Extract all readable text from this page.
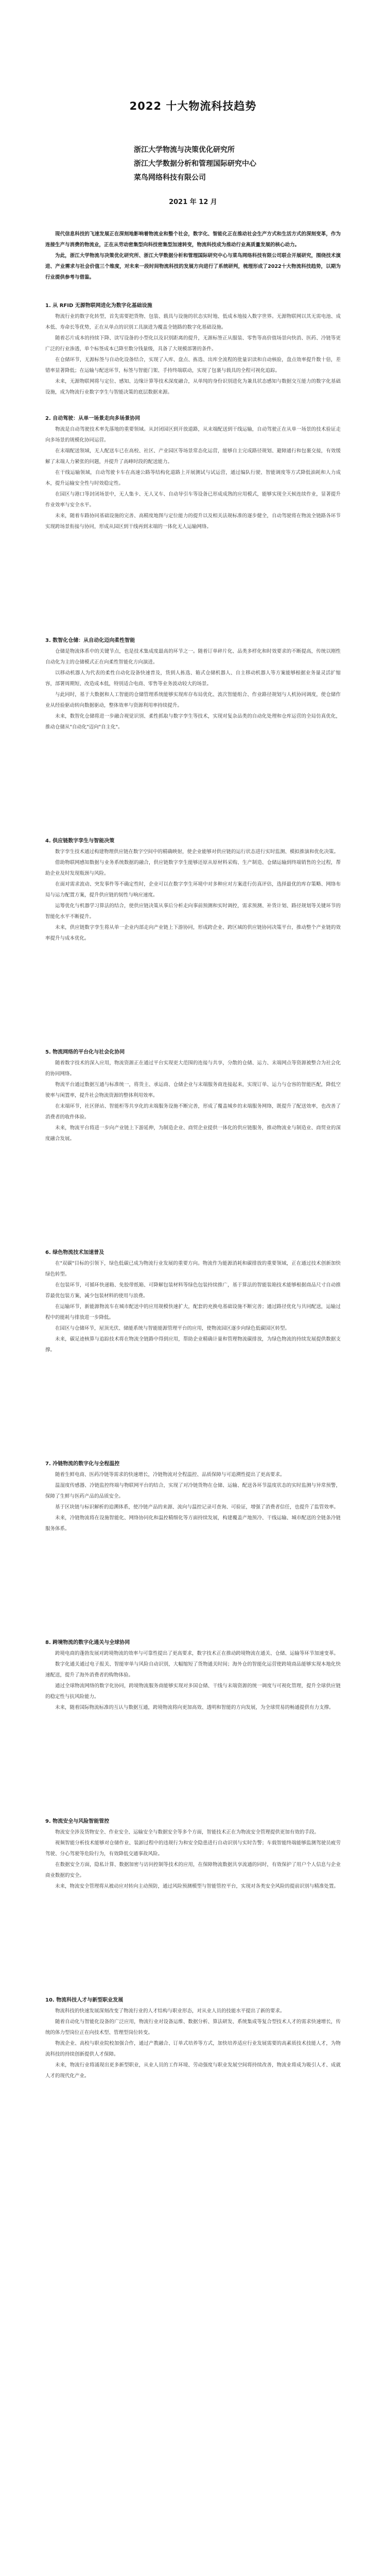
2022 十大物流科技趋势
浙江大学物流与决策优化研究所
浙江大学数据分析和管理国际研究中心
菜鸟网络科技有限公司
2021 年 12 月

现代信息科技的飞速发展正在深刻地影响着物流业和整个社会，数字化、智能化正在推动社会生产方式和生活方式的深刻变革，作为连接生产与消费的物流业，正在从劳动密集型向科技密集型加速转变，物流科技成为推动行业高质量发展的核心动力。

为此，浙江大学物流与决策优化研究所、浙江大学数据分析和管理国际研究中心与菜鸟网络科技有限公司联合开展研究，围绕技术演进、产业需求与社会价值三个维度，对未来一段时间物流科技的发展方向进行了系统研判，梳理形成了2022十大物流科技趋势，以期为行业提供参考与借鉴。

1. 从 RFID 无源物联网进化为数字化基础设施

物流行业的数字化转型，首先需要把货物、包装、载具与设施的状态实时地、低成本地接入数字世界。无源物联网以其无需电池、成本低、寿命长等优势，正在从单点的识别工具演进为覆盖全链路的数字化基础设施。

随着芯片成本的持续下降、读写设备的小型化以及识别距离的提升，无源标签正从服装、零售等高价值场景向快消、医药、冷链等更广泛的行业渗透，单个标签成本已降至数分钱量级，具备了大规模部署的条件。

在仓储环节，无源标签与自动化设备结合，实现了入库、盘点、拣选、出库全流程的批量识读和自动核验，盘点效率提升数十倍，差错率显著降低；在运输与配送环节，标签与智能门架、手持终端联动，实现了包裹与载具的全程可视化追踪。

未来，无源物联网将与定位、感知、边缘计算等技术深度融合，从单纯的身份识别进化为兼具状态感知与数据交互能力的数字化基础设施，成为物流行业数字孪生与智能决策的底层数据来源。

2. 自动驾驶：从单一场景走向多场景协同

物流是自动驾驶技术率先落地的重要领域。从封闭园区到开放道路，从末端配送到干线运输，自动驾驶正在从单一场景的技术验证走向多场景的规模化协同运营。

在末端配送领域，无人配送车已在高校、社区、产业园区等场景常态化运营，能够自主完成路径规划、避障通行和包裹交接，有效缓解了末端人力紧张的问题，并提升了高峰时段的配送能力。

在干线运输领域，自动驾驶卡车在高速公路等结构化道路上开展测试与试运营，通过编队行驶、智能调度等方式降低油耗和人力成本，提升运输安全性与时效稳定性。

在园区与港口等封闭场景中，无人集卡、无人叉车、自动导引车等设备已形成成熟的应用模式，能够实现全天候连续作业，显著提升作业效率与安全水平。

未来，随着车路协同基础设施的完善、高精度地图与定位能力的提升以及相关法规标准的逐步健全，自动驾驶将在物流全链路各环节实现跨场景衔接与协同，形成从园区到干线再到末端的一体化无人运输网络。

3. 数智化仓储：从自动化迈向柔性智能

仓储是物流体系中的关键节点，也是技术集成度最高的环节之一。随着订单碎片化、品类多样化和时效要求的不断提高，传统以刚性自动化为主的仓储模式正在向柔性智能化方向演进。

以移动机器人为代表的柔性自动化设备快速普及，货到人拣选、箱式仓储机器人、自主移动机器人等方案能够根据业务量灵活扩缩容，部署周期短、改造成本低，特别适合电商、零售等业务波动较大的场景。

与此同时，基于大数据和人工智能的仓储管理系统能够实现库存布局优化、波次智能组合、作业路径规划与人机协同调度，使仓储作业从经验驱动转向数据驱动，整体效率与资源利用率持续提升。

未来，数智化仓储将进一步融合视觉识别、柔性抓取与数字孪生等技术，实现对复杂品类的自动化处理和仓库运营的全局仿真优化，推动仓储从"自动化"迈向"自主化"。

4. 供应链数字孪生与智能决策

数字孪生技术通过构建物理供应链在数字空间中的精确映射，使企业能够对供应链的运行状态进行实时监测、模拟推演和优化决策。

借助物联网感知数据与业务系统数据的融合，供应链数字孪生能够还原从原材料采购、生产制造、仓储运输到终端销售的全过程，帮助企业及时发现瓶颈与风险。

在面对需求波动、突发事件等不确定性时，企业可以在数字孪生环境中对多种应对方案进行仿真评估，选择最优的库存策略、网络布局与运力配置方案，提升供应链的韧性与响应速度。

运筹优化与机器学习算法的结合，使供应链决策从事后分析走向事前预测和实时调控，需求预测、补货计划、路径规划等关键环节的智能化水平不断提升。

未来，供应链数字孪生将从单一企业内部走向产业链上下游协同，形成跨企业、跨区域的供应链协同决策平台，推动整个产业链的效率提升与成本优化。

5. 物流网络的平台化与社会化协同

随着数字技术的深入应用，物流资源正在通过平台实现更大范围的连接与共享，分散的仓储、运力、末端网点等资源被整合为社会化的协同网络。

物流平台通过数据互通与标准统一，将货主、承运商、仓储企业与末端服务商连接起来，实现订单、运力与仓容的智能匹配，降低空驶率与闲置率，提升社会物流资源的整体利用效率。

在末端环节，社区驿站、智能柜等共享化的末端服务设施不断完善，形成了覆盖城乡的末端服务网络，既提升了配送效率，也改善了消费者的收件体验。

未来，物流平台将进一步向产业链上下游延伸，为制造企业、商贸企业提供一体化的供应链服务，推动物流业与制造业、商贸业的深度融合发展。

6. 绿色物流技术加速普及

在"双碳"目标的引领下，绿色低碳已成为物流行业发展的重要方向。物流作为能源消耗和碳排放的重要领域，正在通过技术创新加快绿色转型。

在包装环节，可循环快递箱、免胶带纸箱、可降解包装材料等绿色包装持续推广，基于算法的智能装箱技术能够根据商品尺寸自动推荐最优包装方案，减少包装材料的使用与浪费。

在运输环节，新能源物流车在城市配送中的应用规模快速扩大，配套的充换电基础设施不断完善；通过路径优化与共同配送，运输过程中的能耗与排放进一步降低。

在园区与仓储环节，屋顶光伏、储能系统与智能能源管理平台的应用，使物流园区逐步向绿色低碳园区转型。

未来，碳足迹核算与追踪技术将在物流全链路中得到应用，帮助企业精确计量和管理物流碳排放，为绿色物流的持续发展提供数据支撑。

7. 冷链物流的数字化与全程温控

随着生鲜电商、医药冷链等需求的快速增长，冷链物流对全程温控、品质保障与可追溯性提出了更高要求。

温湿度传感器、冷链监控终端与物联网平台的结合，实现了对冷链货物在仓储、运输、配送各环节温度状态的实时监测与异常预警，保障了生鲜与医药产品的品质安全。

基于区块链与标识解析的追溯体系，使冷链产品的来源、流向与温控记录可查询、可验证，增强了消费者信任，也提升了监管效率。

未来，冷链物流将在设施智能化、网络协同化和温控精细化等方面持续发展，构建覆盖产地预冷、干线运输、城市配送的全链条冷链服务体系。

8. 跨境物流的数字化通关与全球协同

跨境电商的蓬勃发展对跨境物流的效率与可靠性提出了更高要求，数字技术正在推动跨境物流在通关、仓储、运输等环节加速变革。

数字化通关通过电子报关、智能审单与风险自动识别，大幅缩短了货物通关时间；海外仓的智能化运营使跨境商品能够实现本地化快速配送，提升了海外消费者的购物体验。

通过全球物流网络的数字化协同，跨境物流服务商能够实现对多国仓储、干线与末端资源的统一调度与可视化管理，提升全球供应链的稳定性与抗风险能力。

未来，随着国际物流标准的互认与数据互通，跨境物流将向更加高效、透明和智能的方向发展，为全球贸易的畅通提供有力支撑。

9. 物流安全与风险智能管控

物流安全涉及货物安全、作业安全、运输安全与数据安全等多个方面，智能技术正在为物流安全管理提供更加有效的手段。

视频智能分析技术能够对仓储作业、装卸过程中的违规行为和安全隐患进行自动识别与实时告警；车载智能终端能够监测驾驶员疲劳驾驶、分心驾驶等危险行为，有效降低交通事故风险。

在数据安全方面，隐私计算、数据加密与访问控制等技术的应用，在保障物流数据共享流通的同时，有效保护了用户个人信息与企业商业数据的安全。

未来，物流安全管理将从被动应对转向主动预防，通过风险预测模型与智能管控平台，实现对各类安全风险的提前识别与精准处置。

10. 物流科技人才与新型职业发展

物流科技的快速发展深刻改变了物流行业的人才结构与职业形态，对从业人员的技能水平提出了新的要求。

随着自动化与智能化设备的广泛应用，物流行业对设备运维、数据分析、算法研发、系统集成等复合型技术人才的需求快速增长，传统的体力型岗位正在向技术型、管理型岗位转变。

物流企业、高校与职业院校加强合作，通过产教融合、订单式培养等方式，加快培养适应行业发展需要的高素质技术技能人才，为物流科技的持续创新提供人才保障。

未来，物流行业将涌现出更多新型职业，从业人员的工作环境、劳动强度与职业发展空间将持续改善，物流业将成为吸引人才、成就人才的现代化产业。
